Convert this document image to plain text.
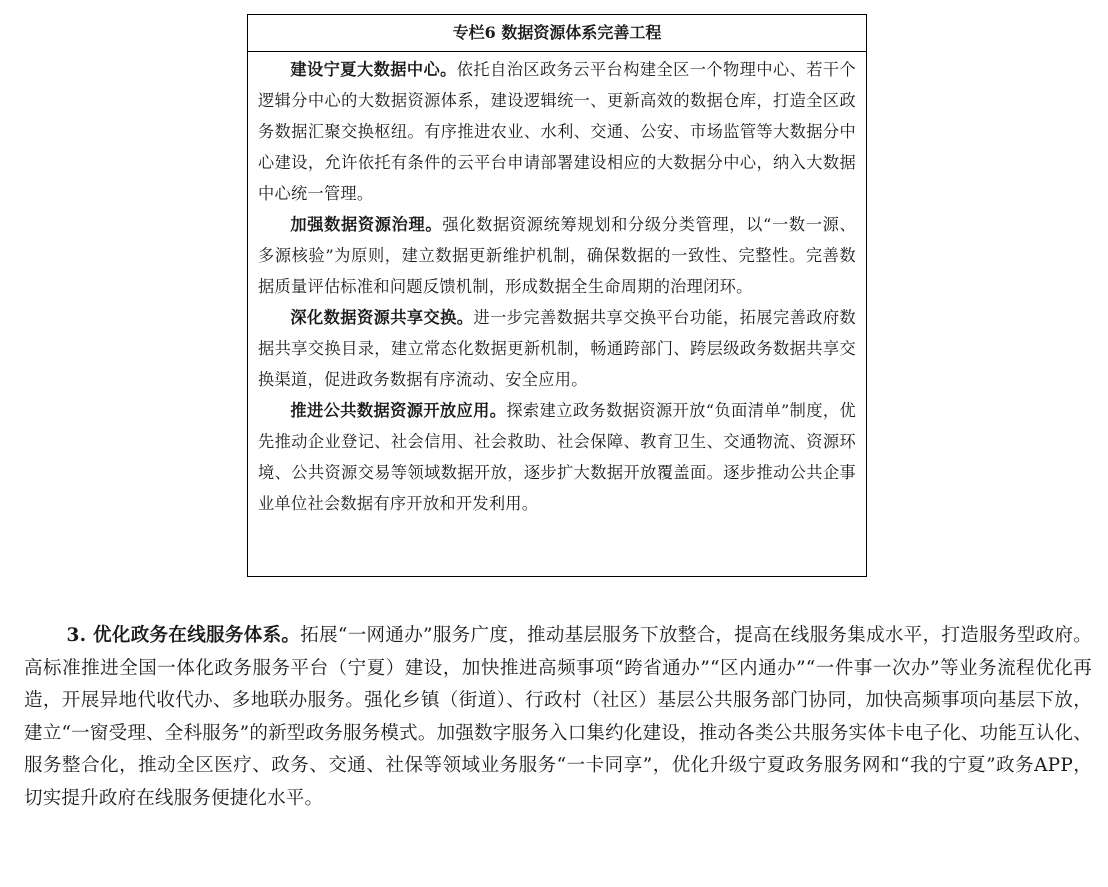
专栏6 数据资源体系完善工程

建设宁夏大数据中心。依托自治区政务云平台构建全区一个物理中心、若干个逻辑分中心的大数据资源体系，建设逻辑统一、更新高效的数据仓库，打造全区政务数据汇聚交换枢纽。有序推进农业、水利、交通、公安、市场监管等大数据分中心建设，允许依托有条件的云平台申请部署建设相应的大数据分中心，纳入大数据中心统一管理。

加强数据资源治理。强化数据资源统筹规划和分级分类管理，以“一数一源、多源核验”为原则，建立数据更新维护机制，确保数据的一致性、完整性。完善数据质量评估标准和问题反馈机制，形成数据全生命周期的治理闭环。

深化数据资源共享交换。进一步完善数据共享交换平台功能，拓展完善政府数据共享交换目录，建立常态化数据更新机制，畅通跨部门、跨层级政务数据共享交换渠道，促进政务数据有序流动、安全应用。

推进公共数据资源开放应用。探索建立政务数据资源开放“负面清单”制度，优先推动企业登记、社会信用、社会救助、社会保障、教育卫生、交通物流、资源环境、公共资源交易等领域数据开放，逐步扩大数据开放覆盖面。逐步推动公共企事业单位社会数据有序开放和开发利用。

3. 优化政务在线服务体系。拓展“一网通办”服务广度，推动基层服务下放整合，提高在线服务集成水平，打造服务型政府。高标准推进全国一体化政务服务平台（宁夏）建设，加快推进高频事项“跨省通办”“区内通办”“一件事一次办”等业务流程优化再造，开展异地代收代办、多地联办服务。强化乡镇（街道）、行政村（社区）基层公共服务部门协同，加快高频事项向基层下放，建立“一窗受理、全科服务”的新型政务服务模式。加强数字服务入口集约化建设，推动各类公共服务实体卡电子化、功能互认化、服务整合化，推动全区医疗、政务、交通、社保等领域业务服务“一卡同享”，优化升级宁夏政务服务网和“我的宁夏”政务APP，切实提升政府在线服务便捷化水平。
